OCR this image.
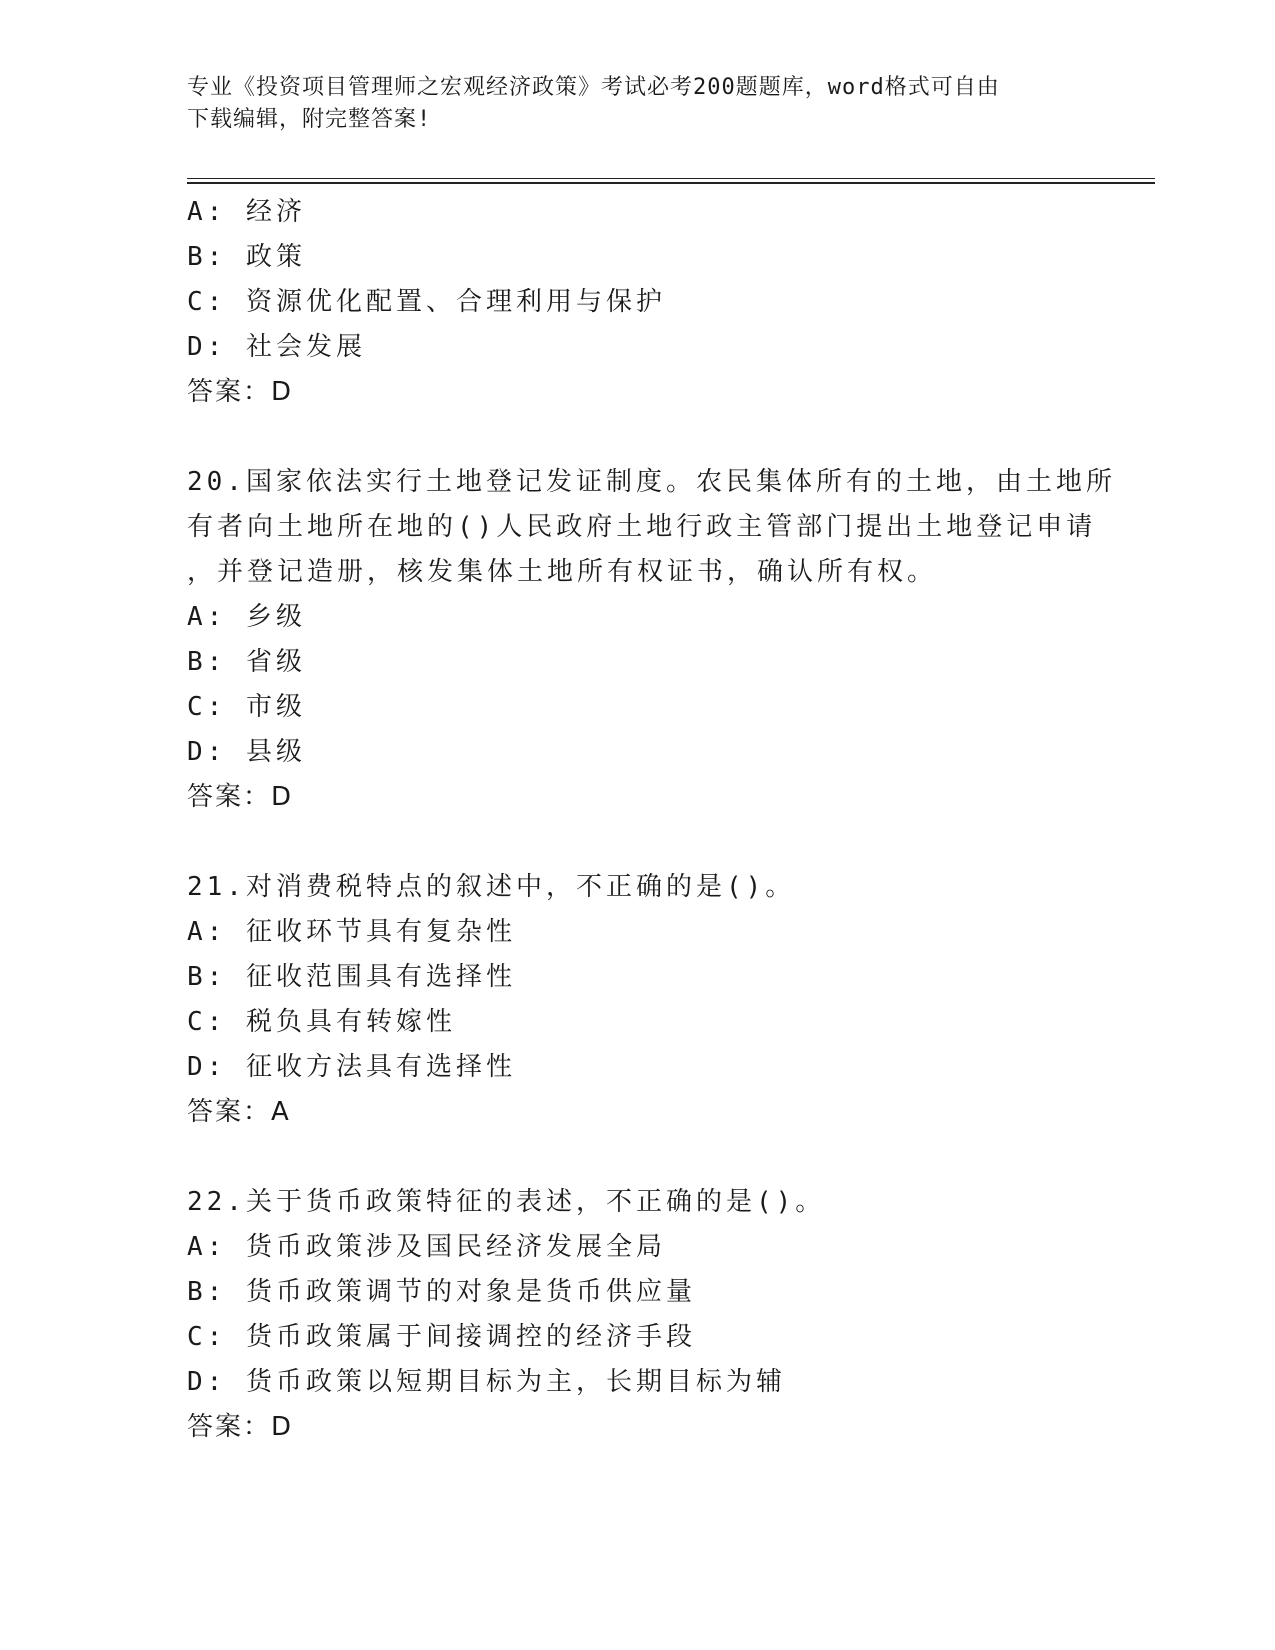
专业《投资项目管理师之宏观经济政策》考试必考200题题库，word格式可自由
下载编辑，附完整答案!
A: 经济
B: 政策
C: 资源优化配置、合理利用与保护
D: 社会发展
答案：D
20.国家依法实行土地登记发证制度。农民集体所有的土地，由土地所
有者向土地所在地的()人民政府土地行政主管部门提出土地登记申请
，并登记造册，核发集体土地所有权证书，确认所有权。
A: 乡级
B: 省级
C: 市级
D: 县级
答案：D
21.对消费税特点的叙述中，不正确的是()。
A: 征收环节具有复杂性
B: 征收范围具有选择性
C: 税负具有转嫁性
D: 征收方法具有选择性
答案：A
22.关于货币政策特征的表述，不正确的是()。
A: 货币政策涉及国民经济发展全局
B: 货币政策调节的对象是货币供应量
C: 货币政策属于间接调控的经济手段
D: 货币政策以短期目标为主，长期目标为辅
答案：D
